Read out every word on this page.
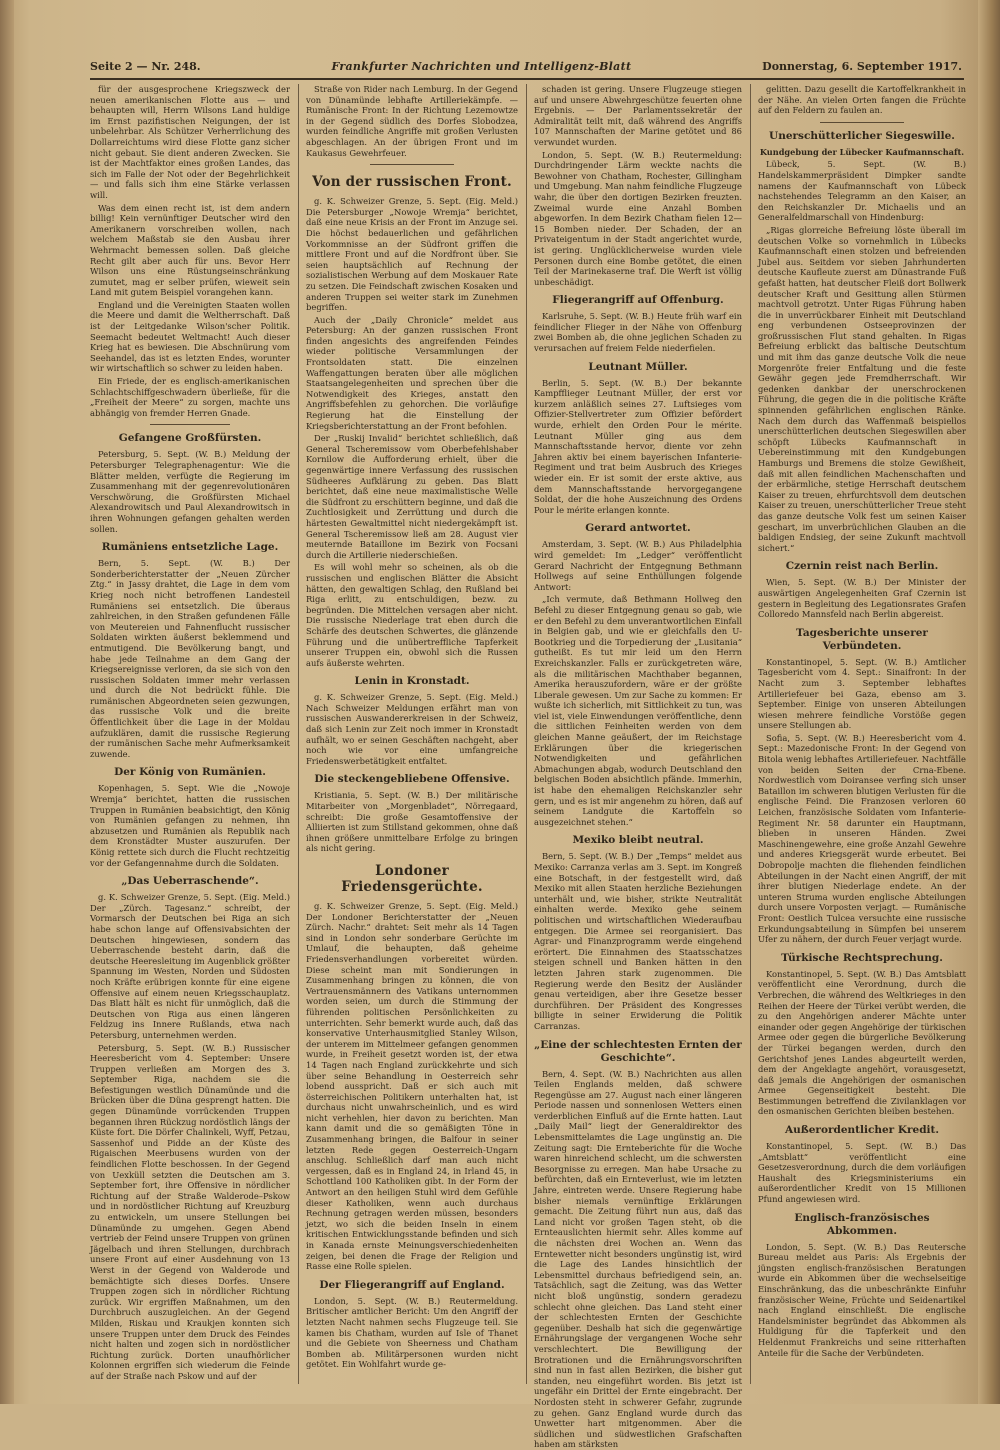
Seite 2 — Nr. 248.	Frankfurter Nachrichten und Intelligenz-Blatt	Donnerstag, 6. September 1917.

für der ausgesprochene Kriegszweck der neuen amerikanischen Flotte aus — und behaupten will, Herrn Wilsons Land huldige im Ernst pazifistischen Neigungen, der ist unbelehrbar. Als Schützer Verherrlichung des Dollarreichtums wird diese Flotte ganz sicher nicht gebaut. Sie dient anderen Zwecken. Sie ist der Machtfaktor eines großen Landes, das sich im Falle der Not oder der Begehrlichkeit — und falls sich ihm eine Stärke verlassen will.

Was dem einen recht ist, ist dem andern billig! Kein vernünftiger Deutscher wird den Amerikanern vorschreiben wollen, nach welchem Maßstab sie den Ausbau ihrer Wehrmacht bemessen sollen. Daß gleiche Recht gilt aber auch für uns. Bevor Herr Wilson uns eine Rüstungseinschränkung zumutet, mag er selber prüfen, wieweit sein Land mit gutem Beispiel vorangehen kann.

England und die Vereinigten Staaten wollen die Meere und damit die Weltherrschaft. Daß ist der Leitgedanke Wilson'scher Politik. Seemacht bedeutet Weltmacht! Auch dieser Krieg hat es bewiesen. Die Abschnürung vom Seehandel, das ist es letzten Endes, worunter wir wirtschaftlich so schwer zu leiden haben.

Ein Friede, der es englisch-amerikanischen Schlachtschiffgeschwadern überließe, für die „Freiheit der Meere“ zu sorgen, machte uns abhängig von fremder Herren Gnade.

Gefangene Großfürsten.

Petersburg, 5. Sept. (W. B.) Meldung der Petersburger Telegraphenagentur: Wie die Blätter melden, verfügte die Regierung im Zusammenhang mit der gegenrevolutionären Verschwörung, die Großfürsten Michael Alexandrowitsch und Paul Alexandrowitsch in ihren Wohnungen gefangen gehalten werden sollen.

Rumäniens entsetzliche Lage.

Bern, 5. Sept. (W. B.) Der Sonderberichterstatter der „Neuen Zürcher Ztg.“ in Jassy drahtet, die Lage in dem vom Krieg noch nicht betroffenen Landesteil Rumäniens sei entsetzlich. Die überaus zahlreichen, in den Straßen gefundenen Fälle von Meutereien und Fahnenflucht russischer Soldaten wirkten äußerst beklemmend und entmutigend. Die Bevölkerung bangt, und habe jede Teilnahme an dem Gang der Kriegsereignisse verloren, da sie sich von den russischen Soldaten immer mehr verlassen und durch die Not bedrückt fühle. Die rumänischen Abgeordneten seien gezwungen, das russische Volk und die breite Öffentlichkeit über die Lage in der Moldau aufzuklären, damit die russische Regierung der rumänischen Sache mehr Aufmerksamkeit zuwende.

Der König von Rumänien.

Kopenhagen, 5. Sept. Wie die „Nowoje Wremja“ berichtet, hatten die russischen Truppen in Rumänien beabsichtigt, den König von Rumänien gefangen zu nehmen, ihn abzusetzen und Rumänien als Republik nach dem Kronstädter Muster auszurufen. Der König rettete sich durch die Flucht rechtzeitig vor der Gefangennahme durch die Soldaten.

„Das Ueberraschende“.

g. K. Schweizer Grenze, 5. Sept. (Eig. Meld.) Der „Zürch. Tagesanz.“ schreibt, der Vormarsch der Deutschen bei Riga an sich habe schon lange auf Offensivabsichten der Deutschen hingewiesen, sondern das Ueberraschende besteht darin, daß die deutsche Heeresleitung im Augenblick größter Spannung im Westen, Norden und Südosten noch Kräfte erübrigen konnte für eine eigene Offensive auf einem neuen Kriegsschauplatz. Das Blatt hält es nicht für unmöglich, daß die Deutschen von Riga aus einen längeren Feldzug ins Innere Rußlands, etwa nach Petersburg, unternehmen werden.

Petersburg, 5. Sept. (W. B.) Russischer Heeresbericht vom 4. September: Unsere Truppen verließen am Morgen des 3. September Riga, nachdem sie die Befestigungen westlich Dünamünde und die Brücken über die Düna gesprengt hatten. Die gegen Dünamünde vorrückenden Truppen begannen ihren Rückzug nordöstlich längs der Küste fort. Die Dörfer Chalinkeli, Wyff, Petzau, Sassenhof und Pidde an der Küste des Rigaischen Meerbusens wurden von der feindlichen Flotte beschossen. In der Gegend von Uexküll setzten die Deutschen am 3. September fort, ihre Offensive in nördlicher Richtung auf der Straße Walderode–Pskow und in nordöstlicher Richtung auf Kreuzburg zu entwickeln, um unsere Stellungen bei Dünamünde zu umgehen. Gegen Abend vertrieb der Feind unsere Truppen von grünen Jägelbach und ihren Stellungen, durchbrach unsere Front auf einer Ausdehnung von 13 Werst in der Gegend von Walderode und bemächtigte sich dieses Dorfes. Unsere Truppen zogen sich in nördlicher Richtung zurück. Wir ergriffen Maßnahmen, um den Durchbruch auszugleichen. An der Gegend Milden, Riskau und Kraukjen konnten sich unsere Truppen unter dem Druck des Feindes nicht halten und zogen sich in nordöstlicher Richtung zurück. Dorten unaufhörlicher Kolonnen ergriffen sich wiederum die Feinde auf der Straße nach Pskow und auf der

Straße von Rider nach Lemburg. In der Gegend von Dünamünde lebhafte Artilleriekämpfe. — Rumänische Front: In der Richtung Lezemowtze in der Gegend südlich des Dorfes Slobodzea, wurden feindliche Angriffe mit großen Verlusten abgeschlagen. An der übrigen Front und im Kaukasus Gewehrfeuer.

Von der russischen Front.

g. K. Schweizer Grenze, 5. Sept. (Eig. Meld.) Die Petersburger „Nowoje Wremja“ berichtet, daß eine neue Krisis an der Front im Anzuge sei. Die höchst bedauerlichen und gefährlichen Vorkommnisse an der Südfront griffen die mittlere Front und auf die Nordfront über. Sie seien hauptsächlich auf Rechnung der sozialistischen Werbung auf dem Moskauer Rate zu setzen. Die Feindschaft zwischen Kosaken und anderen Truppen sei weiter stark im Zunehmen begriffen.

Auch der „Daily Chronicle“ meldet aus Petersburg: An der ganzen russischen Front finden angesichts des angreifenden Feindes wieder politische Versammlungen der Frontsoldaten statt. Die einzelnen Waffengattungen beraten über alle möglichen Staatsangelegenheiten und sprechen über die Notwendigkeit des Krieges, anstatt den Angriffsbefehlen zu gehorchen. Die vorläufige Regierung hat die Einstellung der Kriegsberichterstattung an der Front befohlen.

Der „Ruskij Invalid“ berichtet schließlich, daß General Tscheremissow vom Oberbefehlshaber Kornilow die Aufforderung erhielt, über die gegenwärtige innere Verfassung des russischen Südheeres Aufklärung zu geben. Das Blatt berichtet, daß eine neue maximalistische Welle die Südfront zu erschüttern beginne, und daß die Zuchtlosigkeit und Zerrüttung und durch die härtesten Gewaltmittel nicht niedergekämpft ist. General Tscheremissow ließ am 28. August vier meuternde Bataillone im Bezirk von Focsani durch die Artillerie niederschießen.

Es will wohl mehr so scheinen, als ob die russischen und englischen Blätter die Absicht hätten, den gewaltigen Schlag, den Rußland bei Riga erlitt, zu entschuldigen, bezw. zu begründen. Die Mittelchen versagen aber nicht. Die russische Niederlage trat eben durch die Schärfe des deutschen Schwertes, die glänzende Führung und die unübertreffliche Tapferkeit unserer Truppen ein, obwohl sich die Russen aufs äußerste wehrten.

Lenin in Kronstadt.

g. K. Schweizer Grenze, 5. Sept. (Eig. Meld.) Nach Schweizer Meldungen erfährt man von russischen Auswandererkreisen in der Schweiz, daß sich Lenin zur Zeit noch immer in Kronstadt aufhält, wo er seinen Geschäften nachgeht, aber noch wie vor eine umfangreiche Friedenswerbetätigkeit entfaltet.

Die steckengebliebene Offensive.

Kristiania, 5. Sept. (W. B.) Der militärische Mitarbeiter von „Morgenbladet“, Nörregaard, schreibt: Die große Gesamtoffensive der Alliierten ist zum Stillstand gekommen, ohne daß ihnen größere unmittelbare Erfolge zu bringen als nicht gering.

Londoner Friedensgerüchte.

g. K. Schweizer Grenze, 5. Sept. (Eig. Meld.) Der Londoner Berichterstatter der „Neuen Zürch. Nachr.“ drahtet: Seit mehr als 14 Tagen sind in London sehr sonderbare Gerüchte im Umlauf, die behaupten, daß geheime Friedensverhandlungen vorbereitet würden. Diese scheint man mit Sondierungen in Zusammenhang bringen zu können, die von Vertrauensmännern des Vatikans unternommen worden seien, um durch die Stimmung der führenden politischen Persönlichkeiten zu unterrichten. Sehr bemerkt wurde auch, daß das konservative Unterhausmitglied Stanley Wilson, der unterem im Mittelmeer gefangen genommen wurde, in Freiheit gesetzt worden ist, der etwa 14 Tagen nach England zurückkehrte und sich über seine Behandlung in Oesterreich sehr lobend ausspricht. Daß er sich auch mit österreichischen Politikern unterhalten hat, ist durchaus nicht unwahrscheinlich, und es wird nicht verhehlen, hier davon zu berichten. Man kann damit und die so gemäßigten Töne in Zusammenhang bringen, die Balfour in seiner letzten Rede gegen Oesterreich-Ungarn anschlug. Schließlich darf man auch nicht vergessen, daß es in England 24, in Irland 45, in Schottland 100 Katholiken gibt. In der Form der Antwort an den heiligen Stuhl wird dem Gefühle dieser Katholiken, wenn auch durchaus Rechnung getragen werden müssen, besonders jetzt, wo sich die beiden Inseln in einem kritischen Entwicklungsstande befinden und sich in Kanada ernste Meinungsverschiedenheiten zeigen, bei denen die Frage der Religion und Rasse eine Rolle spielen.

Der Fliegerangriff auf England.

London, 5. Sept. (W. B.) Reutermeldung. Britischer amtlicher Bericht: Um den Angriff der letzten Nacht nahmen sechs Flugzeuge teil. Sie kamen bis Chatham, wurden auf Isle of Thanet und die Gebiete von Sheerness und Chatham Bomben ab. Militärpersonen wurden nicht getötet. Ein Wohlfahrt wurde ge-

schaden ist gering. Unsere Flugzeuge stiegen auf und unsere Abwehrgeschütze feuerten ohne Ergebnis. — Der Parlamentssekretär der Admiralität teilt mit, daß während des Angriffs 107 Mannschaften der Marine getötet und 86 verwundet wurden.

London, 5. Sept. (W. B.) Reutermeldung: Durchdringender Lärm weckte nachts die Bewohner von Chatham, Rochester, Gillingham und Umgebung. Man nahm feindliche Flugzeuge wahr, die über den dortigen Bezirken freuzten. Zweimal wurde eine Anzahl Bomben abgeworfen. In dem Bezirk Chatham fielen 12—15 Bomben nieder. Der Schaden, der an Privateigentum in der Stadt angerichtet wurde, ist gering. Unglücklicherweise wurden viele Personen durch eine Bombe getötet, die einen Teil der Marinekaserne traf. Die Werft ist völlig unbeschädigt.

Fliegerangriff auf Offenburg.

Karlsruhe, 5. Sept. (W. B.) Heute früh warf ein feindlicher Flieger in der Nähe von Offenburg zwei Bomben ab, die ohne jeglichen Schaden zu verursachen auf freiem Felde niederfielen.

Leutnant Müller.

Berlin, 5. Sept. (W. B.) Der bekannte Kampfflieger Leutnant Müller, der erst vor kurzem anläßlich seines 27. Luftsieges vom Offizier-Stellvertreter zum Offizier befördert wurde, erhielt den Orden Pour le mérite. Leutnant Müller ging aus dem Mannschaftsstande hervor, diente vor zehn Jahren aktiv bei einem bayerischen Infanterie-Regiment und trat beim Ausbruch des Krieges wieder ein. Er ist somit der erste aktive, aus dem Mannschaftsstande hervorgegangene Soldat, der die hohe Auszeichnung des Ordens Pour le mérite erlangen konnte.

Gerard antwortet.

Amsterdam, 3. Sept. (W. B.) Aus Philadelphia wird gemeldet: Im „Ledger“ veröffentlicht Gerard Nachricht der Entgegnung Bethmann Hollwegs auf seine Enthüllungen folgende Antwort:

„Ich vermute, daß Bethmann Hollweg den Befehl zu dieser Entgegnung genau so gab, wie er den Befehl zu dem unverantwortlichen Einfall in Belgien gab, und wie er gleichfalls den U-Bootkrieg und die Torpedierung der „Lusitania“ gutheißt. Es tut mir leid um den Herrn Exreichskanzler. Falls er zurückgetreten wäre, als die militärischen Machthaber begannen, Amerika herauszufordern, wäre er der größte Liberale gewesen. Um zur Sache zu kommen: Er wußte ich sicherlich, mit Sittlichkeit zu tun, was viel ist, viele Einwendungen veröffentliche, denn die sittlichen Feinheiten werden von dem gleichen Manne geäußert, der im Reichstage Erklärungen über die kriegerischen Notwendigkeiten und gefährlichen Abmachungen abgab, wodurch Deutschland den belgischen Boden absichtlich pfände. Immerhin, ist habe den ehemaligen Reichskanzler sehr gern, und es ist mir angenehm zu hören, daß auf seinem Landgute die Kartoffeln so ausgezeichnet stehen.“

Mexiko bleibt neutral.

Bern, 5. Sept. (W. B.) Der „Temps“ meldet aus Mexiko: Carranza verlas am 3. Sept. im Kongreß eine Botschaft, in der festgestellt wird, daß Mexiko mit allen Staaten herzliche Beziehungen unterhält und, wie bisher, strikte Neutralität einhalten werde. Mexiko gehe seinem politischen und wirtschaftlichen Wiederaufbau entgegen. Die Armee sei reorganisiert. Das Agrar- und Finanzprogramm werde eingehend erörtert. Die Einnahmen des Staatsschatzes steigen schnell und Banken hätten in den letzten Jahren stark zugenommen. Die Regierung werde den Besitz der Ausländer genau verteidigen, aber ihre Gesetze besser durchführen. Der Präsident des Kongresses billigte in seiner Erwiderung die Politik Carranzas.

„Eine der schlechtesten Ernten der Geschichte“.

Bern, 4. Sept. (W. B.) Nachrichten aus allen Teilen Englands melden, daß schwere Regengüsse am 27. August nach einer längeren Periode nassen und sonnenlosen Wetters einen verderblichen Einfluß auf die Ernte hatten. Laut „Daily Mail“ liegt der Generaldirektor des Lebensmittelamtes die Lage ungünstig an. Die Zeitung sagt: Die Ernteberichte für die Woche waren hinreichend schlecht, um die schwersten Besorgnisse zu erregen. Man habe Ursache zu befürchten, daß ein Ernteverlust, wie im letzten Jahre, eintreten werde. Unsere Regierung habe bisher niemals vernünftige Erklärungen gemacht. Die Zeitung führt nun aus, daß das Land nicht vor großen Tagen steht, ob die Ernteauslichten hiermit sehr. Alles komme auf die nächsten drei Wochen an. Wenn das Erntewetter nicht besonders ungünstig ist, wird die Lage des Landes hinsichtlich der Lebensmittel durchaus befriedigend sein, an. Tatsächlich, sagt die Zeitung, was das Wetter nicht bloß ungünstig, sondern geradezu schlecht ohne gleichen. Das Land steht einer der schlechtesten Ernten der Geschichte gegenüber. Deshalb hat sich die gegenwärtige Ernährungslage der vergangenen Woche sehr verschlechtert. Die Bewilligung der Brotrationen und die Ernährungsvorschriften sind nun in fast allen Bezirken, die bisher gut standen, neu eingeführt worden. Bis jetzt ist ungefähr ein Drittel der Ernte eingebracht. Der Nordosten steht in schwerer Gefahr, zugrunde zu gehen. Ganz England wurde durch das Unwetter hart mitgenommen. Aber die südlichen und südwestlichen Grafschaften haben am stärksten

gelitten. Dazu gesellt die Kartoffelkrankheit in der Nähe. An vielen Orten fangen die Früchte auf den Feldern zu faulen an.

Unerschütterlicher Siegeswille.

Kundgebung der Lübecker Kaufmannschaft.

Lübeck, 5. Sept. (W. B.) Handelskammerpräsident Dimpker sandte namens der Kaufmannschaft von Lübeck nachstehendes Telegramm an den Kaiser, an den Reichskanzler Dr. Michaelis und an Generalfeldmarschall von Hindenburg:

„Rigas glorreiche Befreiung löste überall im deutschen Volke so vornehmlich in Lübecks Kaufmannschaft einen stolzen und befreienden Jubel aus. Seitdem vor sieben Jahrhunderten deutsche Kaufleute zuerst am Dünastrande Fuß gefaßt hatten, hat deutscher Fleiß dort Bollwerk deutscher Kraft und Gesittung allen Stürmen machtvoll getrotzt. Unter Rigas Führung haben die in unverrückbarer Einheit mit Deutschland eng verbundenen Ostseeprovinzen der großrussischen Flut stand gehalten. In Rigas Befreiung erblickt das baltische Deutschtum und mit ihm das ganze deutsche Volk die neue Morgenröte freier Entfaltung und die feste Gewähr gegen jede Fremdherrschaft. Wir gedenken dankbar der unerschrockenen Führung, die gegen die in die politische Kräfte spinnenden gefährlichen englischen Ränke. Nach dem durch das Waffenmaß beispiellos unerschütterlichen deutschen Siegeswillen aber schöpft Lübecks Kaufmannschaft in Uebereinstimmung mit den Kundgebungen Hamburgs und Bremens die stolze Gewißheit, daß mit allen feindlichen Machenschaften und der erbärmliche, stetige Herrschaft deutschem Kaiser zu treuen, ehrfurchtsvoll dem deutschen Kaiser zu treuen, unerschütterlicher Treue steht das ganze deutsche Volk fest um seinen Kaiser geschart, im unverbrüchlichen Glauben an die baldigen Endsieg, der seine Zukunft machtvoll sichert.“

Czernin reist nach Berlin.

Wien, 5. Sept. (W. B.) Der Minister der auswärtigen Angelegenheiten Graf Czernin ist gestern in Begleitung des Legationsrates Grafen Colloredo Mannsfeld nach Berlin abgereist.

Tagesberichte unserer Verbündeten.

Konstantinopel, 5. Sept. (W. B.) Amtlicher Tagesbericht vom 4. Sept.: Sinaifront: In der Nacht zum 3. September lebhaftes Artilleriefeuer bei Gaza, ebenso am 3. September. Einige von unseren Abteilungen wiesen mehrere feindliche Vorstöße gegen unsere Stellungen ab.

Sofia, 5. Sept. (W. B.) Heeresbericht vom 4. Sept.: Mazedonische Front: In der Gegend von Bitola wenig lebhaftes Artilleriefeuer. Nachtfälle von beiden Seiten der Crna-Ebene. Nordwestlich vom Doiransee verfing sich unser Bataillon im schweren blutigen Verlusten für die englische Feind. Die Franzosen verloren 60 Leichen, französische Soldaten vom Infanterie-Regiment Nr. 58 darunter ein Hauptmann, blieben in unseren Händen. Zwei Maschinengewehre, eine große Anzahl Gewehre und anderes Kriegsgerät wurde erbeutet. Bei Dobropolje machten die fliehenden feindlichen Abteilungen in der Nacht einen Angriff, der mit ihrer blutigen Niederlage endete. An der unteren Struma wurden englische Abteilungen durch unsere Vorposten verjagt. — Rumänische Front: Oestlich Tulcea versuchte eine russische Erkundungsabteilung in Sümpfen bei unserem Ufer zu nähern, der durch Feuer verjagt wurde.

Türkische Rechtsprechung.

Konstantinopel, 5. Sept. (W. B.) Das Amtsblatt veröffentlicht eine Verordnung, durch die Verbrechen, die während des Weltkrieges in den Reihen der Heere der Türkei verübt werden, die zu den Angehörigen anderer Mächte unter einander oder gegen Angehörige der türkischen Armee oder gegen die bürgerliche Bevölkerung der Türkei begangen werden, durch den Gerichtshof jenes Landes abgeurteilt werden, dem der Angeklagte angehört, vorausgesetzt, daß jemals die Angehörigen der osmanischen Armee Gegenseitigkeit besteht. Die Bestimmungen betreffend die Zivilanklagen vor den osmanischen Gerichten bleiben bestehen.

Außerordentlicher Kredit.

Konstantinopel, 5. Sept. (W. B.) Das „Amtsblatt“ veröffentlicht eine Gesetzesverordnung, durch die dem vorläufigen Haushalt des Kriegsministeriums ein außerordentlicher Kredit von 15 Millionen Pfund angewiesen wird.

Englisch-französisches Abkommen.

London, 5. Sept. (W. B.) Das Reutersche Bureau meldet aus Paris: Als Ergebnis der jüngsten englisch-französischen Beratungen wurde ein Abkommen über die wechselseitige Einschränkung, das die unbeschränkte Einfuhr französischer Weine, Früchte und Seidenartikel nach England einschließt. Die englische Handelsminister begründet das Abkommen als Huldigung für die Tapferkeit und den Heldenmut Frankreichs und seine ritterhaften Anteile für die Sache der Verbündeten.
